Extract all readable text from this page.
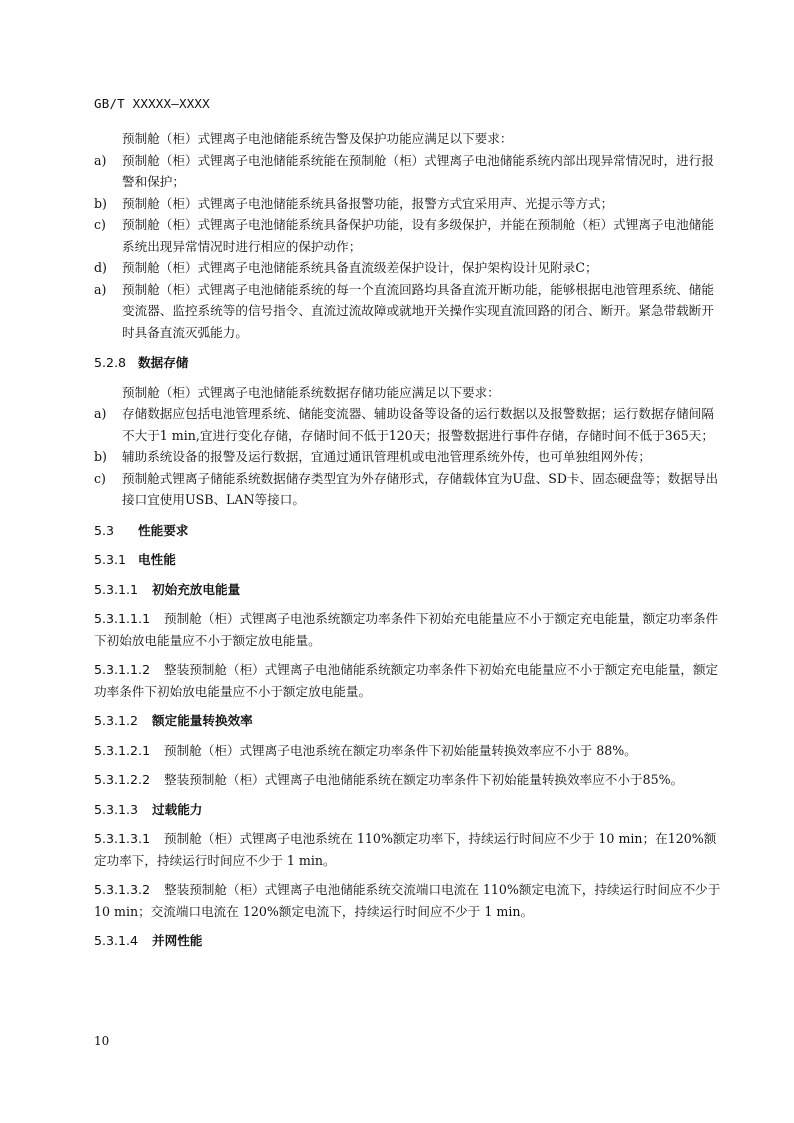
GB/T XXXXX—XXXX
预制舱（柜）式锂离子电池储能系统告警及保护功能应满足以下要求：
a)	预制舱（柜）式锂离子电池储能系统能在预制舱（柜）式锂离子电池储能系统内部出现异常情况时，进行报警和保护；
b)	预制舱（柜）式锂离子电池储能系统具备报警功能，报警方式宜采用声、光提示等方式；
c)	预制舱（柜）式锂离子电池储能系统具备保护功能，设有多级保护，并能在预制舱（柜）式锂离子电池储能系统出现异常情况时进行相应的保护动作；
d)	预制舱（柜）式锂离子电池储能系统具备直流级差保护设计，保护架构设计见附录C；
a)	预制舱（柜）式锂离子电池储能系统的每一个直流回路均具备直流开断功能，能够根据电池管理系统、储能变流器、监控系统等的信号指令、直流过流故障或就地开关操作实现直流回路的闭合、断开。紧急带载断开时具备直流灭弧能力。
5.2.8 数据存储
预制舱（柜）式锂离子电池储能系统数据存储功能应满足以下要求：
a)	存储数据应包括电池管理系统、储能变流器、辅助设备等设备的运行数据以及报警数据；运行数据存储间隔不大于1 min,宜进行变化存储，存储时间不低于120天；报警数据进行事件存储，存储时间不低于365天；
b)	辅助系统设备的报警及运行数据，宜通过通讯管理机或电池管理系统外传，也可单独组网外传；
c)	预制舱式锂离子储能系统数据储存类型宜为外存储形式，存储载体宜为U盘、SD卡、固态硬盘等；数据导出接口宜使用USB、LAN等接口。
5.3 性能要求
5.3.1 电性能
5.3.1.1 初始充放电能量
5.3.1.1.1 预制舱（柜）式锂离子电池系统额定功率条件下初始充电能量应不小于额定充电能量，额定功率条件下初始放电能量应不小于额定放电能量。
5.3.1.1.2 整装预制舱（柜）式锂离子电池储能系统额定功率条件下初始充电能量应不小于额定充电能量，额定功率条件下初始放电能量应不小于额定放电能量。
5.3.1.2 额定能量转换效率
5.3.1.2.1 预制舱（柜）式锂离子电池系统在额定功率条件下初始能量转换效率应不小于 88%。
5.3.1.2.2 整装预制舱（柜）式锂离子电池储能系统在额定功率条件下初始能量转换效率应不小于85%。
5.3.1.3 过载能力
5.3.1.3.1 预制舱（柜）式锂离子电池系统在 110%额定功率下，持续运行时间应不少于 10 min；在120%额定功率下，持续运行时间应不少于 1 min。
5.3.1.3.2 整装预制舱（柜）式锂离子电池储能系统交流端口电流在 110%额定电流下，持续运行时间应不少于 10 min；交流端口电流在 120%额定电流下，持续运行时间应不少于 1 min。
5.3.1.4 并网性能
10
